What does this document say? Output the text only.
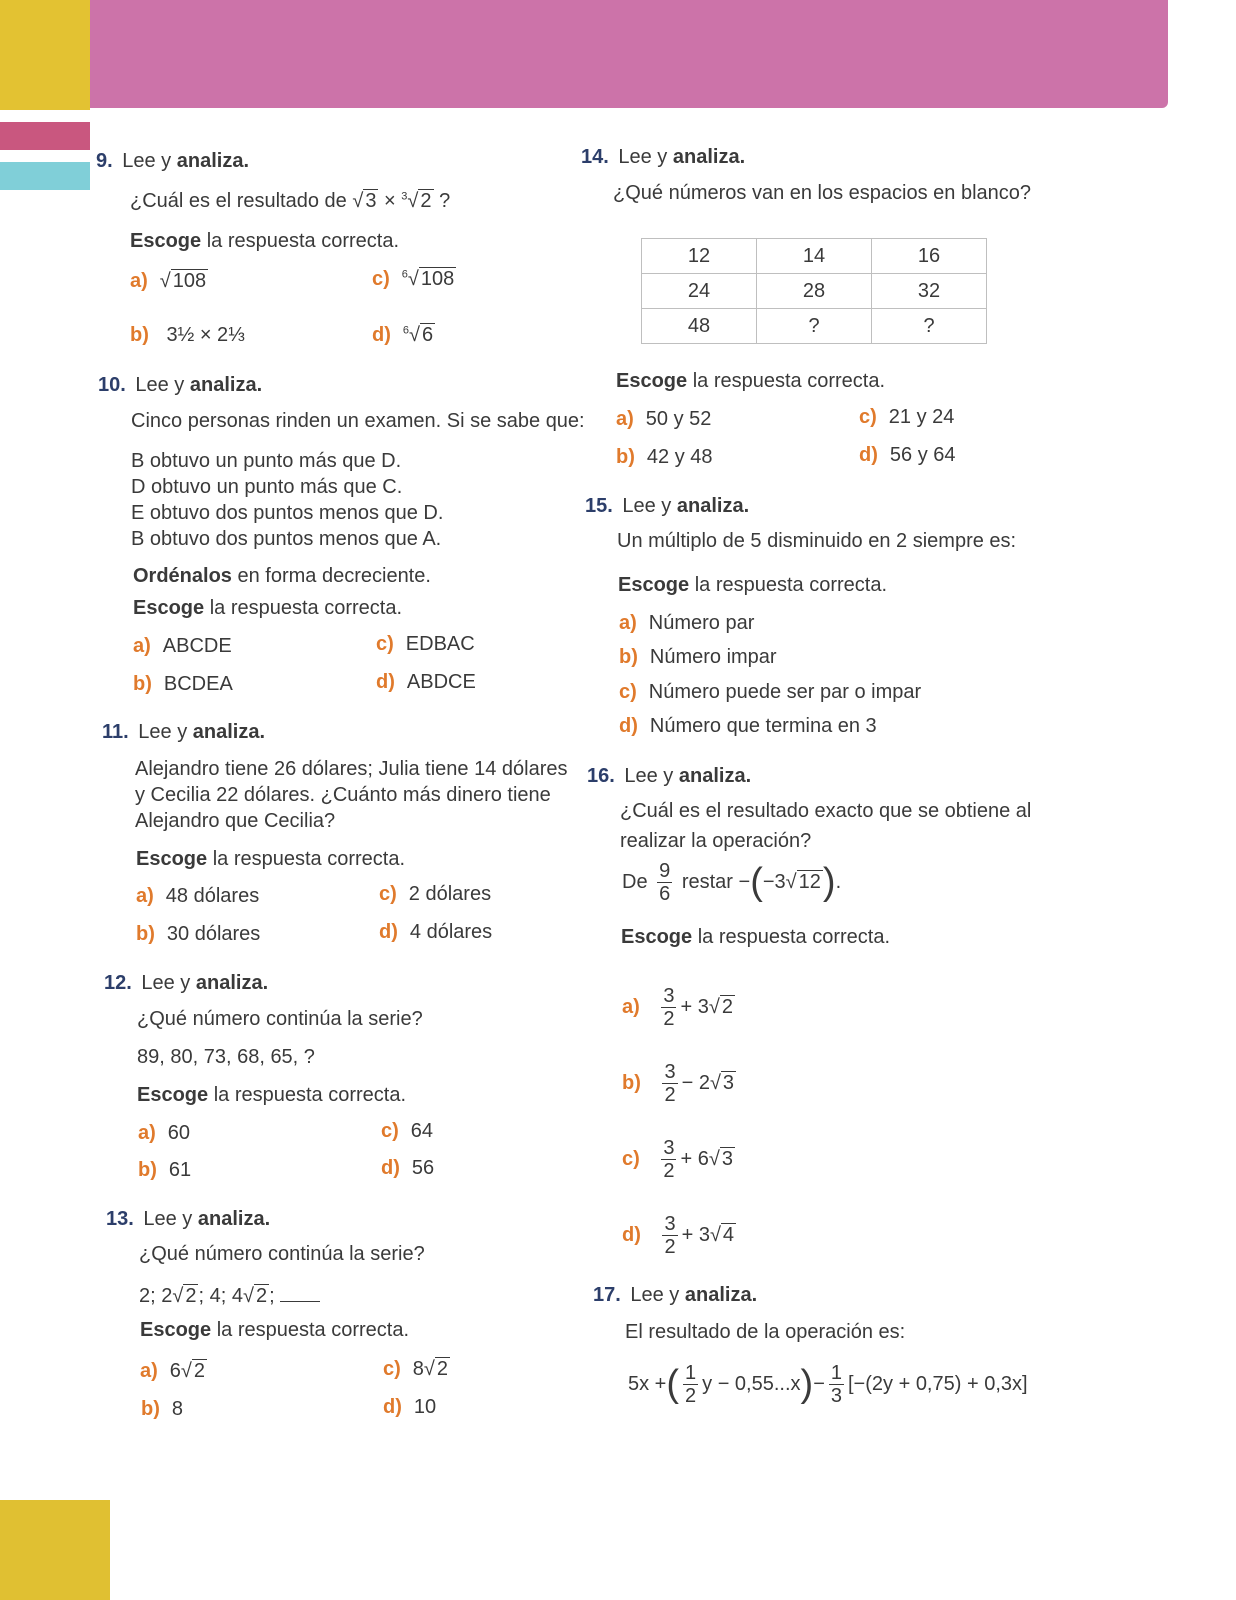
9. Lee y analiza.
¿Cuál es el resultado de √ 3 × $^3$√ 2 ?
Escoge la respuesta correcta.
a) √ 108	c) $^6$√ 108
b) 3½ × 2⅓	d) $^6$√ 6
10. Lee y analiza.
Cinco personas rinden un examen. Si se sabe que:
B obtuvo un punto más que D.
D obtuvo un punto más que C.
E obtuvo dos puntos menos que D.
B obtuvo dos puntos menos que A.
Ordénalos en forma decreciente.
Escoge la respuesta correcta.
a) ABCDE	c) EDBAC
b) BCDEA	d) ABDCE
11. Lee y analiza.
Alejandro tiene 26 dólares; Julia tiene 14 dólares
y Cecilia 22 dólares. ¿Cuánto más dinero tiene
Alejandro que Cecilia?
Escoge la respuesta correcta.
a) 48 dólares	c) 2 dólares
b) 30 dólares	d) 4 dólares
12. Lee y analiza.
¿Qué número continúa la serie?
89, 80, 73, 68, 65, ?
Escoge la respuesta correcta.
a) 60	c) 64
b) 61	d) 56
13. Lee y analiza.
¿Qué número continúa la serie?
2; 2√ 2 ; 4; 4√ 2 ;
Escoge la respuesta correcta.
a) 6√ 2	c) 8√ 2
b) 8	d) 10
14. Lee y analiza.
¿Qué números van en los espacios en blanco?
12	14	16
24	28	32
48	?	?
Escoge la respuesta correcta.
a) 50 y 52	c) 21 y 24
b) 42 y 48	d) 56 y 64
15. Lee y analiza.
Un múltiplo de 5 disminuido en 2 siempre es:
Escoge la respuesta correcta.
a) Número par
b) Número impar
c) Número puede ser par o impar
d) Número que termina en 3
16. Lee y analiza.
¿Cuál es el resultado exacto que se obtiene al
realizar la operación?
De $\frac{9}{6}$ restar −(−3√ 12).
Escoge la respuesta correcta.
$a) \frac{3}{2} + 3√$ 2
$b) \frac{3}{2} - 2√$ 3
$c) \frac{3}{2} + 6√$ 3
$d) \frac{3}{2} + 3√$ 4
17. Lee y analiza.
El resultado de la operación es:
5x +( $\frac{1}{2}$ $y - 0,55...x)- \frac{1}{3} [-(2y + 0,75) + 0,3x]$
44
